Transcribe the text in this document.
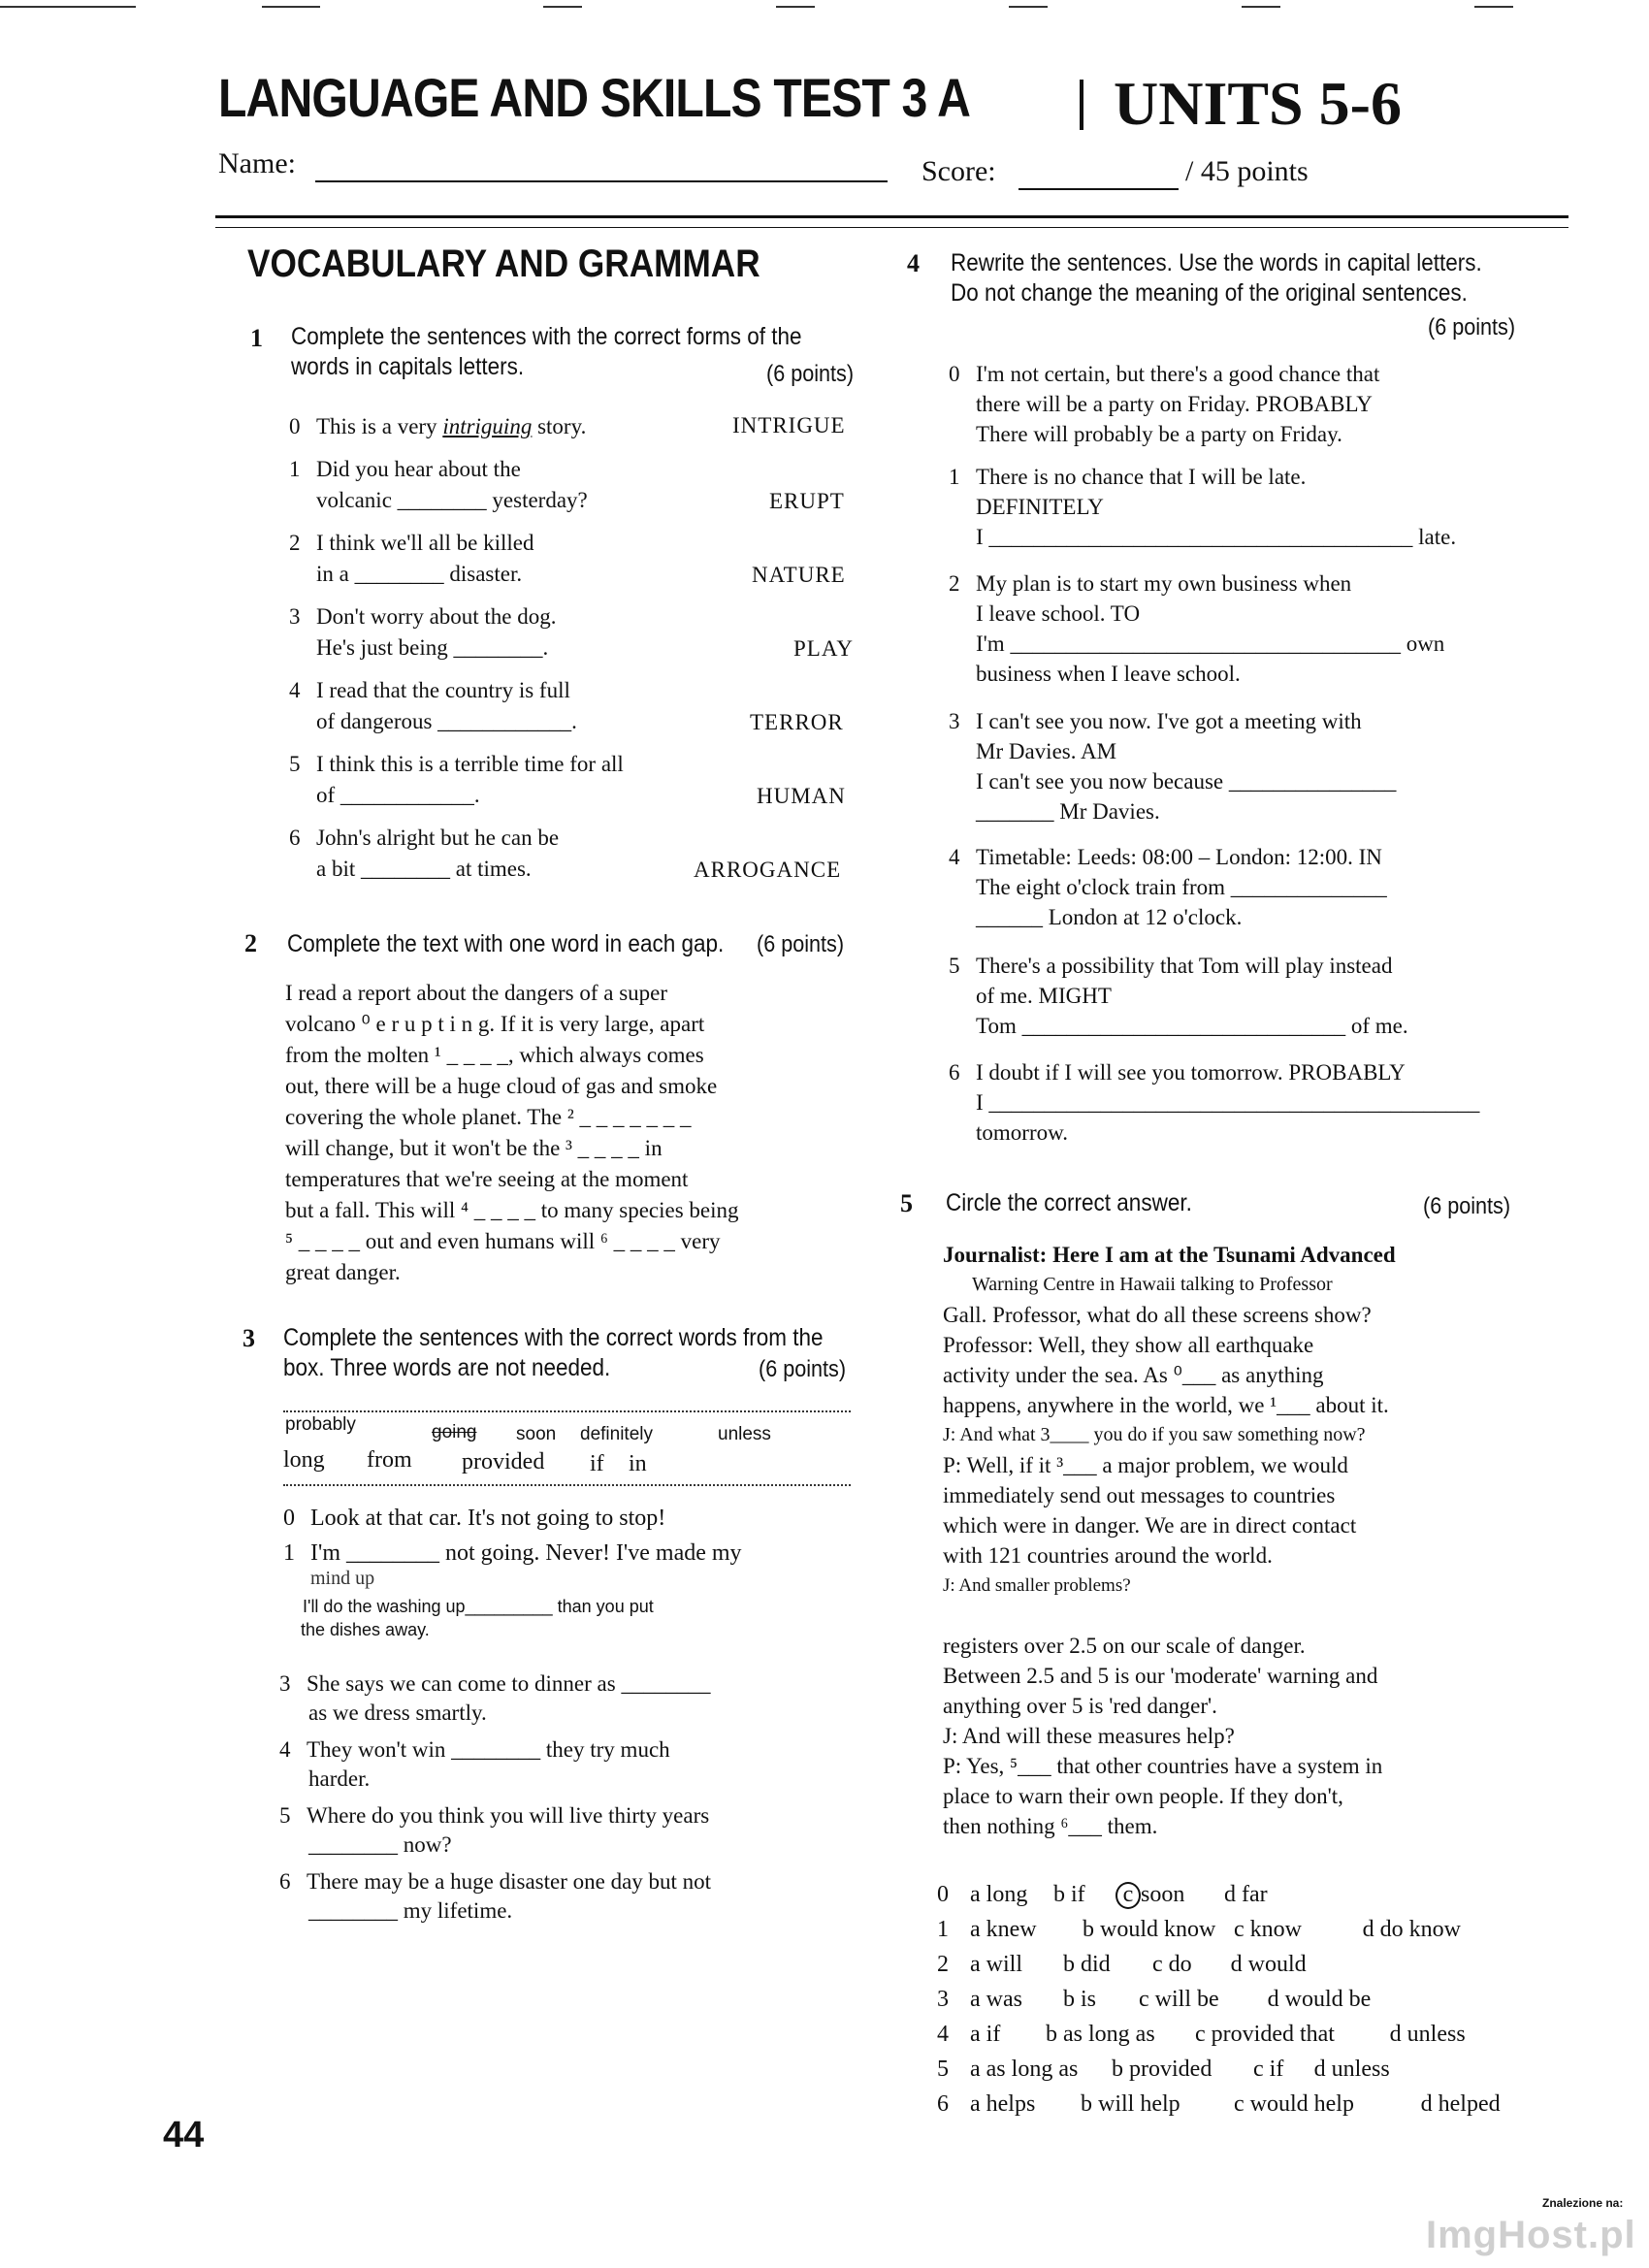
LANGUAGE AND SKILLS TEST 3 A UNITS 5-6
Name:	Score:	/ 45 points
VOCABULARY AND GRAMMAR
1 Complete the sentences with the correct forms of the words in capitals letters.	(6 points)
0 This is a very intriguing story.	INTRIGUE
1 Did you hear about the
volcanic ________ yesterday?	ERUPT
2 I think we'll all be killed
in a ________ disaster.	NATURE
3 Don't worry about the dog.
He's just being ________.	PLAY
4 I read that the country is full
of dangerous ____________.	TERROR
5 I think this is a terrible time for all
of ____________.	HUMAN
6 John's alright but he can be
a bit ________ at times.	ARROGANCE
2 Complete the text with one word in each gap. (6 points)
I read a report about the dangers of a super
volcano ⁰ e r u p t i n g. If it is very large, apart
from the molten ¹ _ _ _ _, which always comes
out, there will be a huge cloud of gas and smoke
covering the whole planet. The ² _ _ _ _ _ _ _
will change, but it won't be the ³ _ _ _ _ in
temperatures that we're seeing at the moment
but a fall. This will ⁴ _ _ _ _ to many species being
⁵ _ _ _ _ out and even humans will ⁶ _ _ _ _ very
great danger.
3 Complete the sentences with the correct words from the box. Three words are not needed.	(6 points)
probably	going soon definitely	unless
long from provided if in
0 Look at that car. It's not going to stop!
1 I'm ________ not going. Never! I've made my
mind up
I'll do the washing up_________ than you put
the dishes away.
3 She says we can come to dinner as ________
as we dress smartly.
4 They won't win ________ they try much
harder.
5 Where do you think you will live thirty years
________ now?
6 There may be a huge disaster one day but not
________ my lifetime.
4 Rewrite the sentences. Use the words in capital letters. Do not change the meaning of the original sentences.
(6 points)
0 I'm not certain, but there's a good chance that
there will be a party on Friday. PROBABLY
There will probably be a party on Friday.
1 There is no chance that I will be late.
DEFINITELY
I ______________________________________ late.
2 My plan is to start my own business when
I leave school. TO
I'm ___________________________________ own
business when I leave school.
3 I can't see you now. I've got a meeting with
Mr Davies. AM
I can't see you now because _______________
_______ Mr Davies.
4 Timetable: Leeds: 08:00 – London: 12:00. IN
The eight o'clock train from ______________
______ London at 12 o'clock.
5 There's a possibility that Tom will play instead
of me. MIGHT
Tom _____________________________ of me.
6 I doubt if I will see you tomorrow. PROBABLY
I ____________________________________________
tomorrow.
5 Circle the correct answer.	(6 points)
Journalist: Here I am at the Tsunami Advanced
Warning Centre in Hawaii talking to Professor
Gall. Professor, what do all these screens show?
Professor: Well, they show all earthquake
activity under the sea. As ⁰___ as anything
happens, anywhere in the world, we ¹___ about it.
J: And what 3____ you do if you saw something now?
P: Well, if it ³___ a major problem, we would
immediately send out messages to countries
which were in danger. We are in direct contact
with 121 countries around the world.
J: And smaller problems?
registers over 2.5 on our scale of danger.
Between 2.5 and 5 is our 'moderate' warning and
anything over 5 is 'red danger'.
J: And will these measures help?
P: Yes, ⁵___ that other countries have a system in
place to warn their own people. If they don't,
then nothing ⁶___ them.
0 a long b if c soon d far
1 a knew b would know c know	d do know
2 a will b did c do d would
3 a was b is c will be d would be
4 a if b as long as c provided that d unless
5 a as long as b provided c if d unless
6 a helps b will help c would help	d helped
44
Znalezione na:
ImgHost.pl
